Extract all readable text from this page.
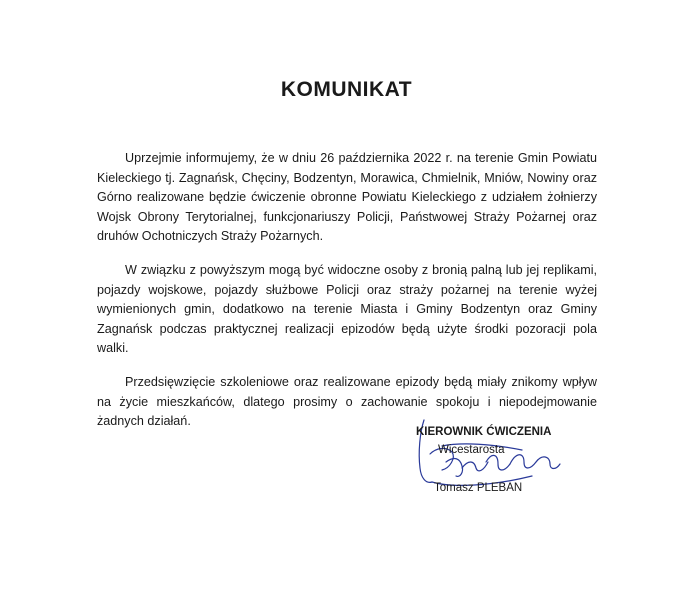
KOMUNIKAT

Uprzejmie informujemy, że w dniu 26 października 2022 r. na terenie Gmin Powiatu Kieleckiego tj. Zagnańsk, Chęciny, Bodzentyn, Morawica, Chmielnik, Mniów, Nowiny oraz Górno realizowane będzie ćwiczenie obronne Powiatu Kieleckiego z udziałem żołnierzy Wojsk Obrony Terytorialnej, funkcjonariuszy Policji, Państwowej Straży Pożarnej oraz druhów Ochotniczych Straży Pożarnych.

W związku z powyższym mogą być widoczne osoby z bronią palną lub jej replikami, pojazdy wojskowe, pojazdy służbowe Policji oraz straży pożarnej na terenie wyżej wymienionych gmin, dodatkowo na terenie Miasta i Gminy Bodzentyn oraz Gminy Zagnańsk podczas praktycznej realizacji epizodów będą użyte środki pozoracji pola walki.

Przedsięwzięcie szkoleniowe oraz realizowane epizody będą miały znikomy wpływ na życie mieszkańców, dlatego prosimy o zachowanie spokoju i niepodejmowanie żadnych działań.

KIEROWNIK ĆWICZENIA
Wicestarosta
Tomasz PLEBAN
